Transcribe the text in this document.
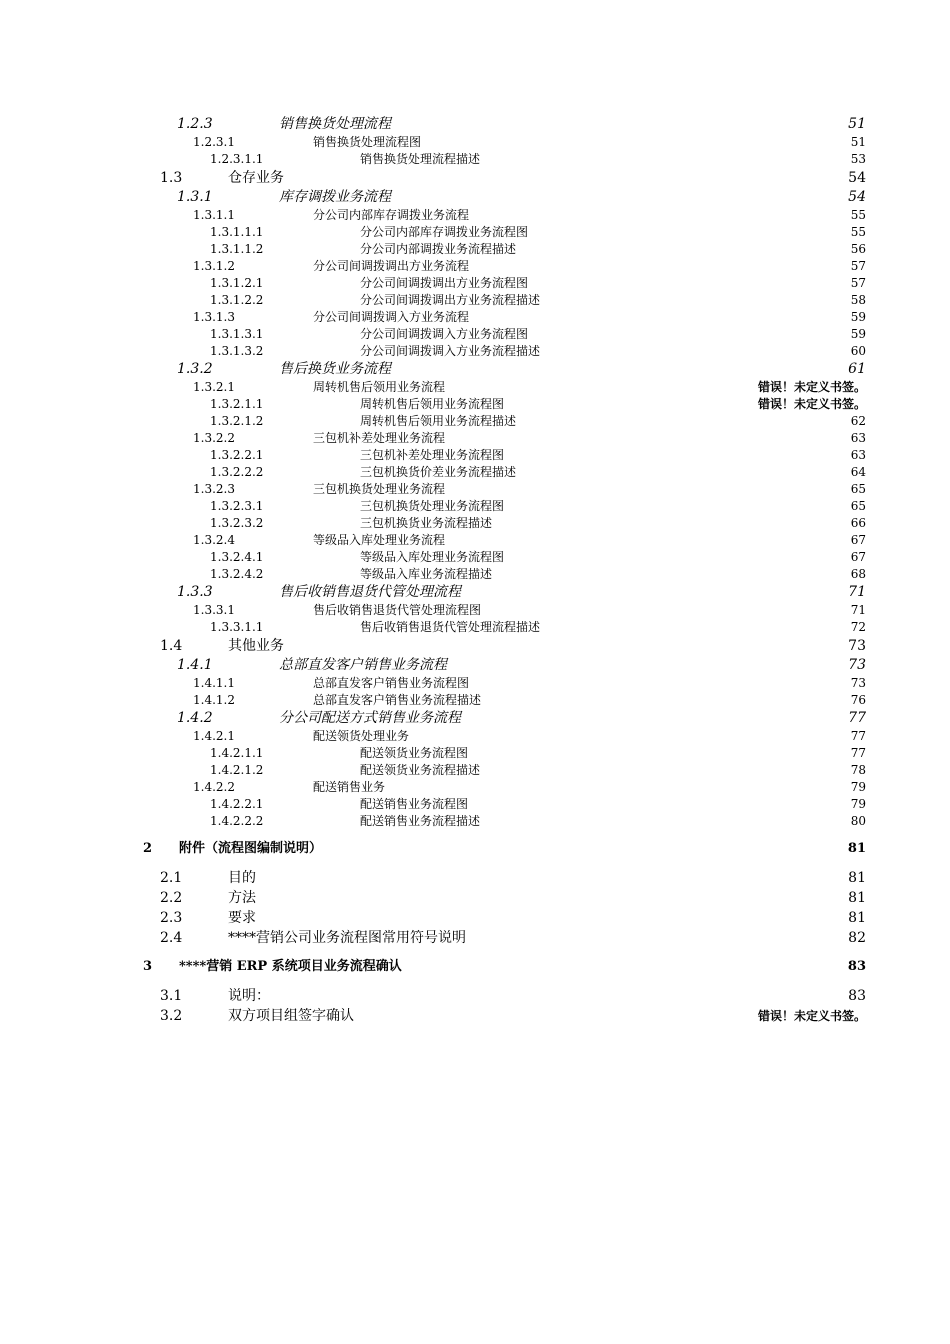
1.2.3	销售换货处理流程	51
1.2.3.1	销售换货处理流程图	51
1.2.3.1.1	销售换货处理流程描述	53
1.3	仓存业务	54
1.3.1	库存调拨业务流程	54
1.3.1.1	分公司内部库存调拨业务流程	55
1.3.1.1.1	分公司内部库存调拨业务流程图	55
1.3.1.1.2	分公司内部调拨业务流程描述	56
1.3.1.2	分公司间调拨调出方业务流程	57
1.3.1.2.1	分公司间调拨调出方业务流程图	57
1.3.1.2.2	分公司间调拨调出方业务流程描述	58
1.3.1.3	分公司间调拨调入方业务流程	59
1.3.1.3.1	分公司间调拨调入方业务流程图	59
1.3.1.3.2	分公司间调拨调入方业务流程描述	60
1.3.2	售后换货业务流程	61
1.3.2.1	周转机售后领用业务流程	错误！未定义书签。
1.3.2.1.1	周转机售后领用业务流程图	错误！未定义书签。
1.3.2.1.2	周转机售后领用业务流程描述	62
1.3.2.2	三包机补差处理业务流程	63
1.3.2.2.1	三包机补差处理业务流程图	63
1.3.2.2.2	三包机换货价差业务流程描述	64
1.3.2.3	三包机换货处理业务流程	65
1.3.2.3.1	三包机换货处理业务流程图	65
1.3.2.3.2	三包机换货业务流程描述	66
1.3.2.4	等级品入库处理业务流程	67
1.3.2.4.1	等级品入库处理业务流程图	67
1.3.2.4.2	等级品入库业务流程描述	68
1.3.3	售后收销售退货代管处理流程	71
1.3.3.1	售后收销售退货代管处理流程图	71
1.3.3.1.1	售后收销售退货代管处理流程描述	72
1.4	其他业务	73
1.4.1	总部直发客户销售业务流程	73
1.4.1.1	总部直发客户销售业务流程图	73
1.4.1.2	总部直发客户销售业务流程描述	76
1.4.2	分公司配送方式销售业务流程	77
1.4.2.1	配送领货处理业务	77
1.4.2.1.1	配送领货业务流程图	77
1.4.2.1.2	配送领货业务流程描述	78
1.4.2.2	配送销售业务	79
1.4.2.2.1	配送销售业务流程图	79
1.4.2.2.2	配送销售业务流程描述	80
2	附件（流程图编制说明）	81
2.1	目的	81
2.2	方法	81
2.3	要求	81
2.4	****营销公司业务流程图常用符号说明	82
3	****营销 ERP 系统项目业务流程确认	83
3.1	说明：	83
3.2	双方项目组签字确认	错误！未定义书签。
